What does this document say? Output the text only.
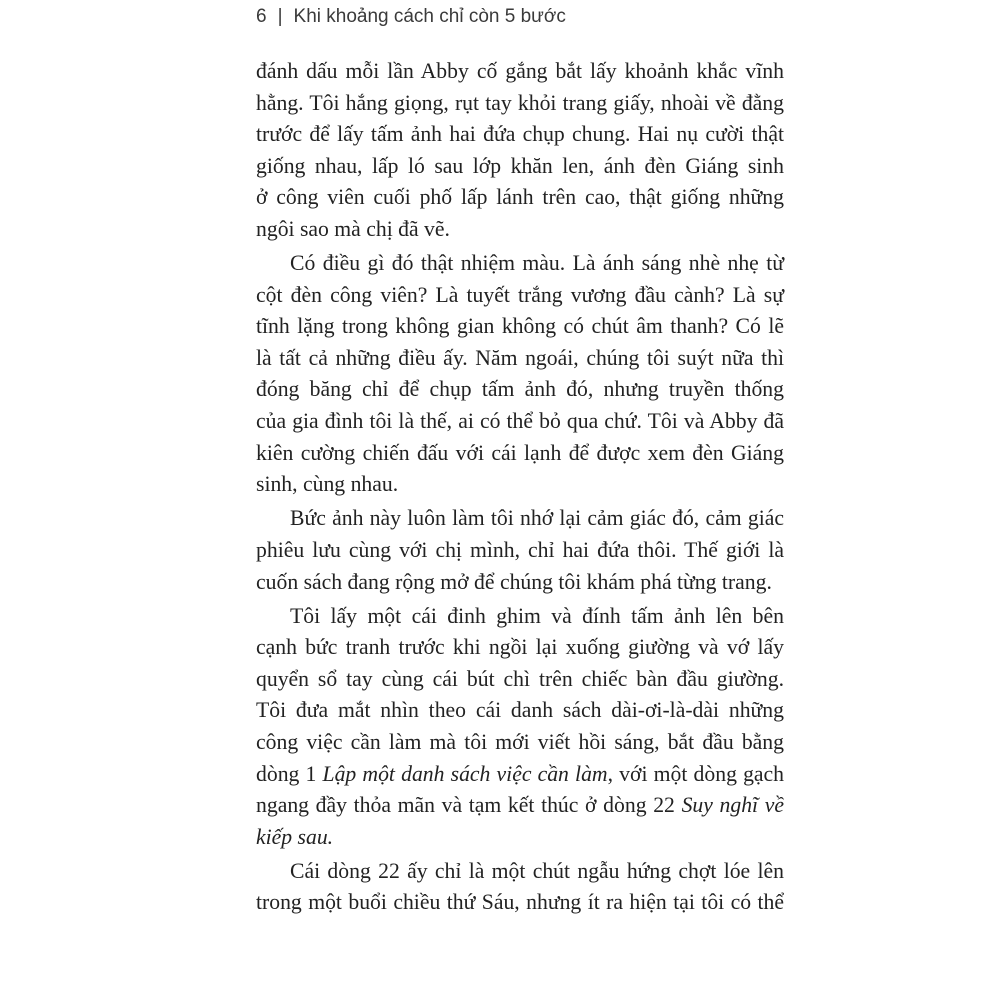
6 | Khi khoảng cách chỉ còn 5 bước
đánh dấu mỗi lần Abby cố gắng bắt lấy khoảnh khắc vĩnh
hằng. Tôi hắng giọng, rụt tay khỏi trang giấy, nhoài về đằng
trước để lấy tấm ảnh hai đứa chụp chung. Hai nụ cười thật
giống nhau, lấp ló sau lớp khăn len, ánh đèn Giáng sinh
ở công viên cuối phố lấp lánh trên cao, thật giống những
ngôi sao mà chị đã vẽ.
Có điều gì đó thật nhiệm màu. Là ánh sáng nhè nhẹ từ
cột đèn công viên? Là tuyết trắng vương đầu cành? Là sự
tĩnh lặng trong không gian không có chút âm thanh? Có lẽ
là tất cả những điều ấy. Năm ngoái, chúng tôi suýt nữa thì
đóng băng chỉ để chụp tấm ảnh đó, nhưng truyền thống
của gia đình tôi là thế, ai có thể bỏ qua chứ. Tôi và Abby đã
kiên cường chiến đấu với cái lạnh để được xem đèn Giáng
sinh, cùng nhau.
Bức ảnh này luôn làm tôi nhớ lại cảm giác đó, cảm giác
phiêu lưu cùng với chị mình, chỉ hai đứa thôi. Thế giới là
cuốn sách đang rộng mở để chúng tôi khám phá từng trang.
Tôi lấy một cái đinh ghim và đính tấm ảnh lên bên
cạnh bức tranh trước khi ngồi lại xuống giường và vớ lấy
quyển sổ tay cùng cái bút chì trên chiếc bàn đầu giường.
Tôi đưa mắt nhìn theo cái danh sách dài-ơi-là-dài những
công việc cần làm mà tôi mới viết hồi sáng, bắt đầu bằng
dòng 1 Lập một danh sách việc cần làm, với một dòng gạch
ngang đầy thỏa mãn và tạm kết thúc ở dòng 22 Suy nghĩ về
kiếp sau.
Cái dòng 22 ấy chỉ là một chút ngẫu hứng chợt lóe lên
trong một buổi chiều thứ Sáu, nhưng ít ra hiện tại tôi có thể
